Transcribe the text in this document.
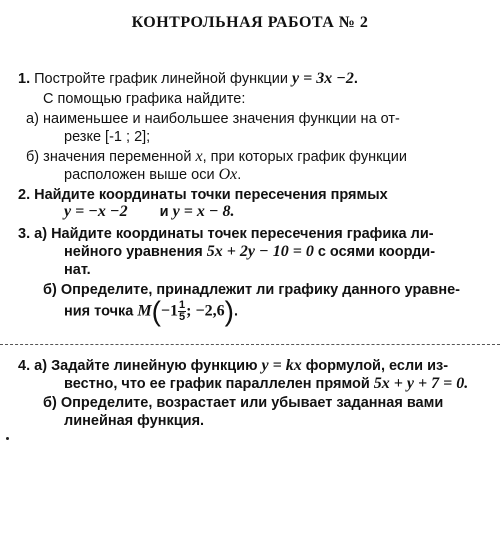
КОНТРОЛЬНАЯ РАБОТА № 2
1. Постройте график линейной функции y = 3x −2.
С помощью графика найдите:
а) наименьшее и наибольшее значения функции на от-
резке [-1 ; 2];
б) значения переменной x, при которых график функции
расположен выше оси Ox.
2. Найдите координаты точки пересечения прямых
y = −x −2 и y = x − 8.
3. а) Найдите координаты точек пересечения графика ли-
нейного уравнения 5x + 2y − 10 = 0 с осями коорди-
нат.
б) Определите, принадлежит ли графику данного уравне-
ния точка $M(-1 \frac{1}{5}$ ; −2,6).
4. а) Задайте линейную функцию y = kx формулой, если из-
вестно, что ее график параллелен прямой 5x + y + 7 = 0.
б) Определите, возрастает или убывает заданная вами
линейная функция.
